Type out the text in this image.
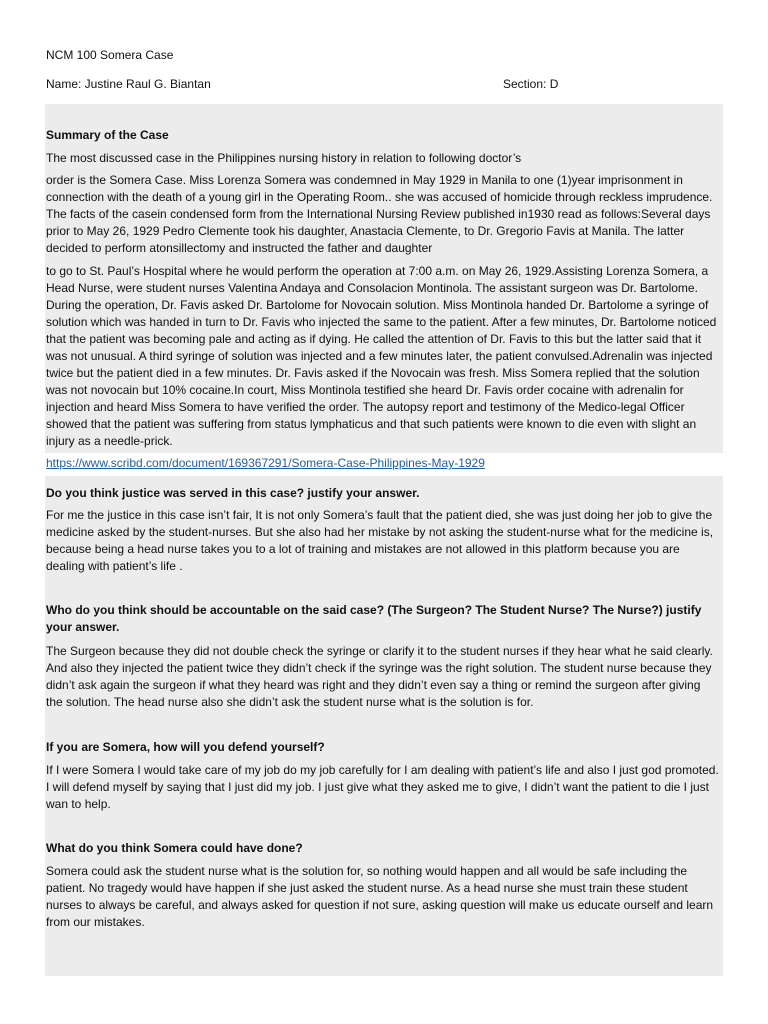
NCM 100 Somera Case
Name: Justine Raul G. Biantan	Section: D
Summary of the Case
The most discussed case in the Philippines nursing history in relation to following doctor’s

order is the Somera Case. Miss Lorenza Somera was condemned in May 1929 in Manila to one (1)year imprisonment in connection with the death of a young girl in the Operating Room.. she was accused of homicide through reckless imprudence. The facts of the casein condensed form from the International Nursing Review published in1930 read as follows:Several days prior to May 26, 1929 Pedro Clemente took his daughter, Anastacia Clemente, to Dr. Gregorio Favis at Manila. The latter decided to perform atonsillectomy and instructed the father and daughter

to go to St. Paul’s Hospital where he would perform the operation at 7:00 a.m. on May 26, 1929.Assisting Lorenza Somera, a Head Nurse, were student nurses Valentina Andaya and Consolacion Montinola. The assistant surgeon was Dr. Bartolome. During the operation, Dr. Favis asked Dr. Bartolome for Novocain solution. Miss Montinola handed Dr. Bartolome a syringe of solution which was handed in turn to Dr. Favis who injected the same to the patient. After a few minutes, Dr. Bartolome noticed that the patient was becoming pale and acting as if dying. He called the attention of Dr. Favis to this but the latter said that it was not unusual. A third syringe of solution was injected and a few minutes later, the patient convulsed.Adrenalin was injected twice but the patient died in a few minutes. Dr. Favis asked if the Novocain was fresh. Miss Somera replied that the solution was not novocain but 10% cocaine.In court, Miss Montinola testified she heard Dr. Favis order cocaine with adrenalin for injection and heard Miss Somera to have verified the order. The autopsy report and testimony of the Medico-legal Officer showed that the patient was suffering from status lymphaticus and that such patients were known to die even with slight an injury as a needle-prick.

https://www.scribd.com/document/169367291/Somera-Case-Philippines-May-1929

Do you think justice was served in this case? justify your answer.

For me the justice in this case isn’t fair, It is not only Somera’s fault that the patient died, she was just doing her job to give the medicine asked by the student-nurses. But she also had her mistake by not asking the student-nurse what for the medicine is, because being a head nurse takes you to a lot of training and mistakes are not allowed in this platform because you are dealing with patient’s life .

Who do you think should be accountable on the said case? (The Surgeon? The Student Nurse? The Nurse?) justify your answer.

The Surgeon because they did not double check the syringe or clarify it to the student nurses if they hear what he said clearly. And also they injected the patient twice they didn’t check if the syringe was the right solution. The student nurse because they didn’t ask again the surgeon if what they heard was right and they didn’t even say a thing or remind the surgeon after giving the solution. The head nurse also she didn’t ask the student nurse what is the solution is for.

If you are Somera, how will you defend yourself?

If I were Somera I would take care of my job do my job carefully for I am dealing with patient’s life and also I just god promoted. I will defend myself by saying that I just did my job. I just give what they asked me to give, I didn’t want the patient to die I just wan to help.

What do you think Somera could have done?

Somera could ask the student nurse what is the solution for, so nothing would happen and all would be safe including the patient. No tragedy would have happen if she just asked the student nurse. As a head nurse she must train these student nurses to always be careful, and always asked for question if not sure, asking question will make us educate ourself and learn from our mistakes.
